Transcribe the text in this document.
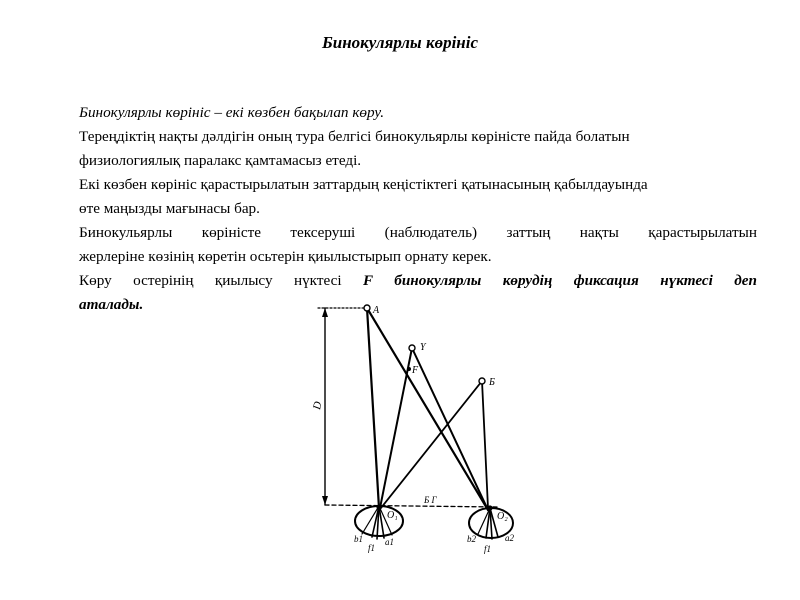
Бинокулярлы көрініс
Бинокулярлы көрініс – екі көзбен бақылап көру.
Тереңдіктің нақты дәлдігін оның тура белгісі бинокульярлы көріністе пайда болатын
физиологиялық паралакс қамтамасыз етеді.
Екі көзбен көрініс қарастырылатын заттардың кеңістіктегі қатынасының қабылдауында
өте маңызды мағынасы бар.
Бинокульярлы көріністе тексеруші (наблюдатель) заттың нақты қарастырылатын
жерлеріне көзінің көретін осьтерін қиылыстырып орнату керек.
Көру остерінің қиылысу нүктесі F бинокулярлы көрудің фиксация нүктесі деп
аталады.	A
Y
F
Б
D
Б Г
O₁	O₂
b1 a1
f1
b2	a2
f1
